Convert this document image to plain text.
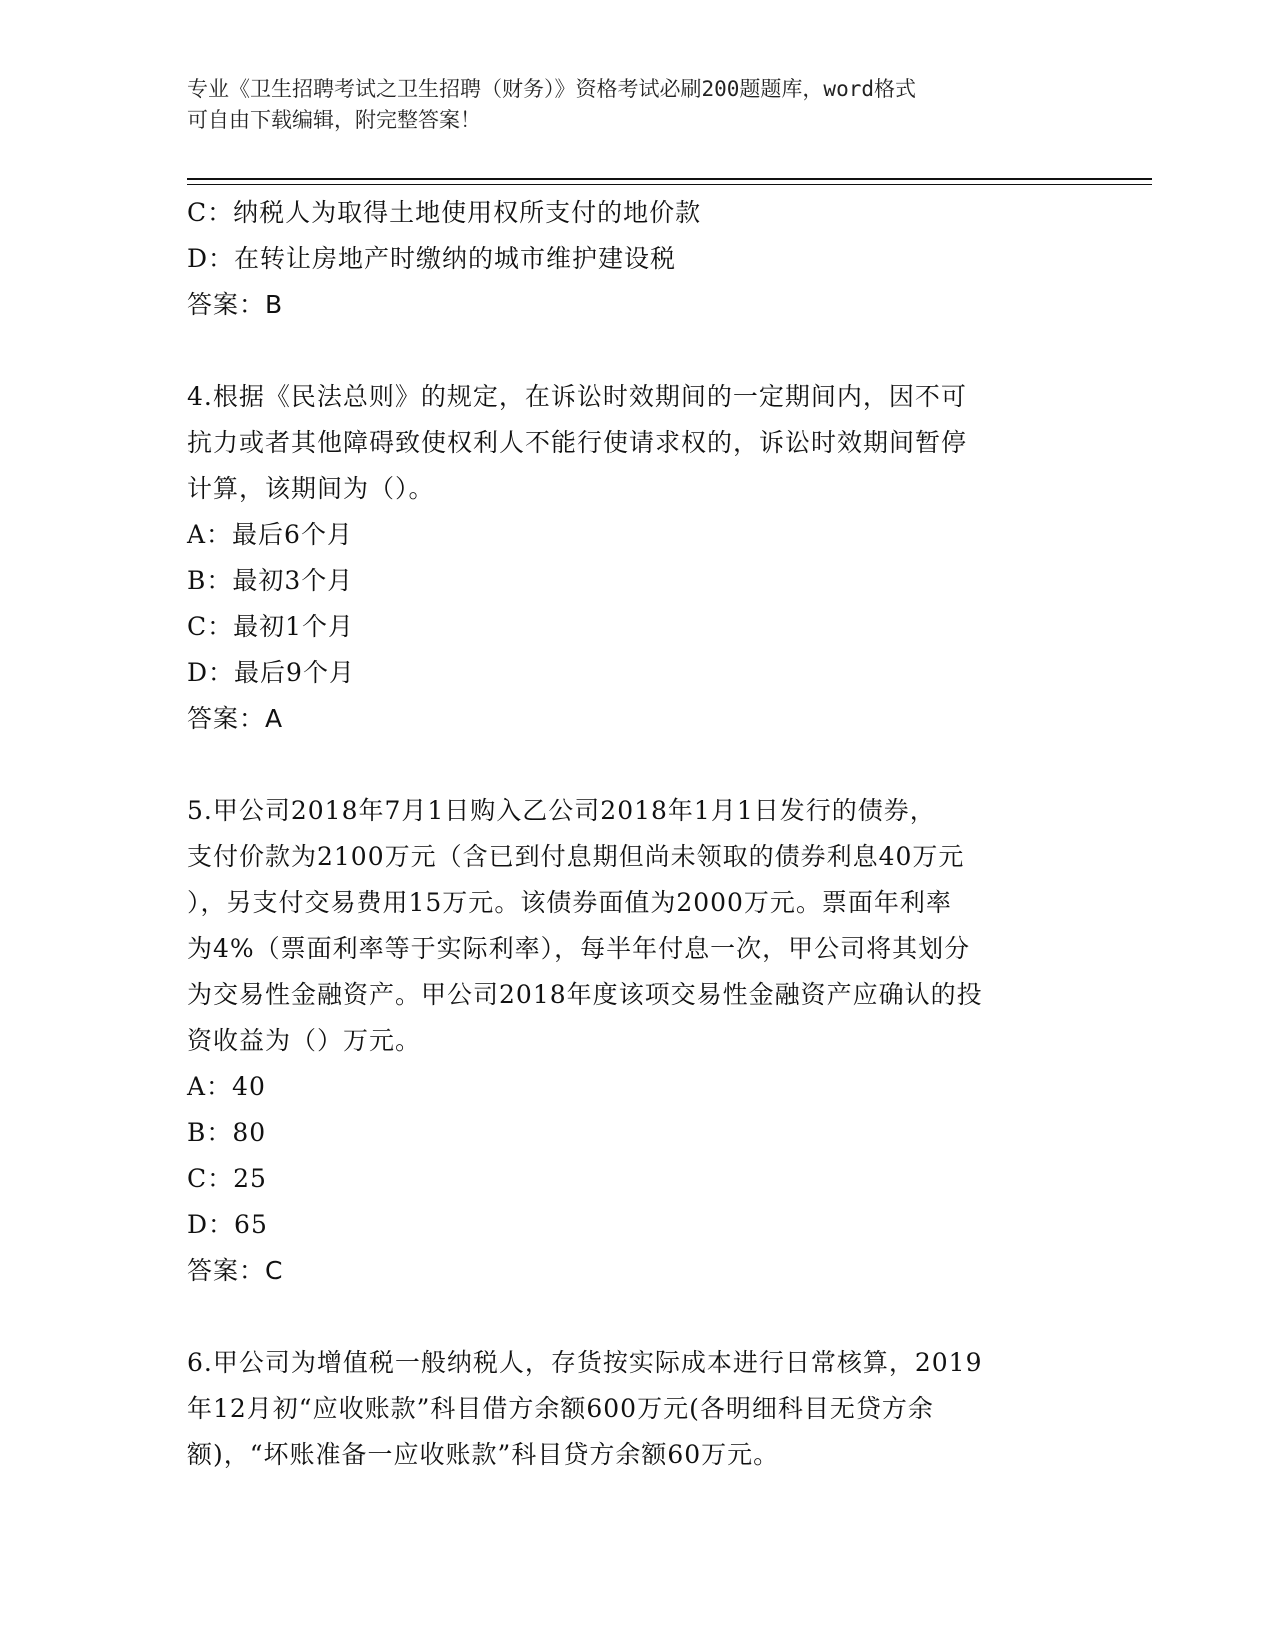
专业《卫生招聘考试之卫生招聘（财务）》资格考试必刷200题题库，word格式
可自由下载编辑，附完整答案！
C：纳税人为取得土地使用权所支付的地价款
D：在转让房地产时缴纳的城市维护建设税
答案：B
4.根据《民法总则》的规定，在诉讼时效期间的一定期间内，因不可
抗力或者其他障碍致使权利人不能行使请求权的，诉讼时效期间暂停
计算，该期间为（）。
A：最后6个月
B：最初3个月
C：最初1个月
D：最后9个月
答案：A
5.甲公司2018年7月1日购入乙公司2018年1月1日发行的债券，
支付价款为2100万元（含已到付息期但尚未领取的债券利息40万元
），另支付交易费用15万元。该债券面值为2000万元。票面年利率
为4%（票面利率等于实际利率），每半年付息一次，甲公司将其划分
为交易性金融资产。甲公司2018年度该项交易性金融资产应确认的投
资收益为（）万元。
A：40
B：80
C：25
D：65
答案：C
6.甲公司为增值税一般纳税人，存货按实际成本进行日常核算，2019
年12月初“应收账款”科目借方余额600万元(各明细科目无贷方余
额)，“坏账准备一应收账款”科目贷方余额60万元。
